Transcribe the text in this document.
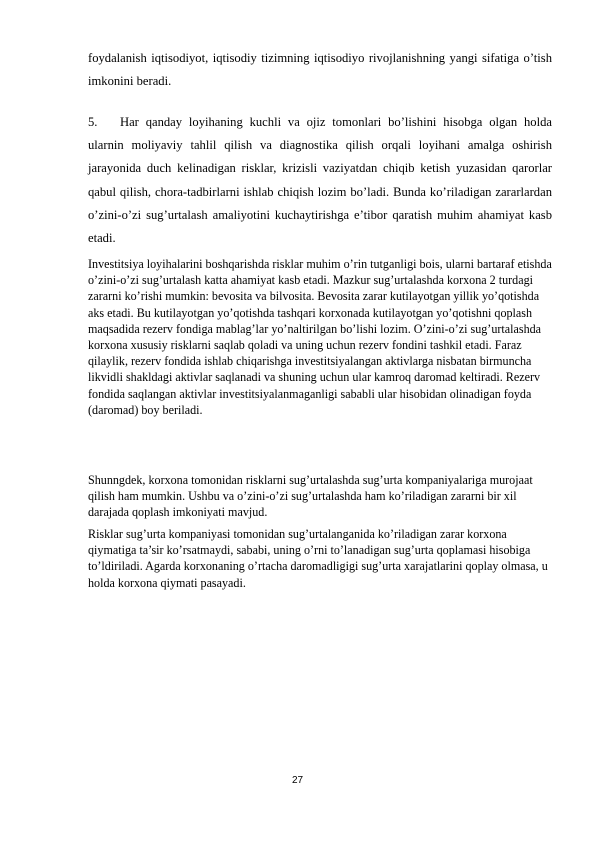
foydalanish iqtisodiyot, iqtisodiy tizimning iqtisodiyo rivojlanishning yangi sifatiga o’tish imkonini beradi.

5. Har qanday loyihaning kuchli va ojiz tomonlari bo’lishini hisobga olgan holda ularnin moliyaviy tahlil qilish va diagnostika qilish orqali loyihani amalga oshirish jarayonida duch kelinadigan risklar, krizisli vaziyatdan chiqib ketish yuzasidan qarorlar qabul qilish, chora-tadbirlarni ishlab chiqish lozim bo’ladi. Bunda ko’riladigan zararlardan o’zini-o’zi sug’urtalash amaliyotini kuchaytirishga e’tibor qaratish muhim ahamiyat kasb etadi.

Investitsiya loyihalarini boshqarishda risklar muhim o’rin tutganligi bois, ularni bartaraf etishda o’zini-o’zi sug’urtalash katta ahamiyat kasb etadi. Mazkur sug’urtalashda korxona 2 turdagi zararni ko’rishi mumkin: bevosita va bilvosita. Bevosita zarar kutilayotgan yillik yo’qotishda aks etadi. Bu kutilayotgan yo’qotishda tashqari korxonada kutilayotgan yo’qotishni qoplash maqsadida rezerv fondiga mablag’lar yo’naltirilgan bo’lishi lozim. O’zini-o’zi sug’urtalashda korxona xususiy risklarni saqlab qoladi va uning uchun rezerv fondini tashkil etadi. Faraz qilaylik, rezerv fondida ishlab chiqarishga investitsiyalangan aktivlarga nisbatan birmuncha likvidli shakldagi aktivlar saqlanadi va shuning uchun ular kamroq daromad keltiradi. Rezerv fondida saqlangan aktivlar investitsiyalanmaganligi sababli ular hisobidan olinadigan foyda (daromad) boy beriladi.

Shunngdek, korxona tomonidan risklarni sug’urtalashda sug’urta kompaniyalariga murojaat qilish ham mumkin. Ushbu va o’zini-o’zi sug’urtalashda ham ko’riladigan zararni bir xil darajada qoplash imkoniyati mavjud.

Risklar sug’urta kompaniyasi tomonidan sug’urtalanganida ko’riladigan zarar korxona qiymatiga ta’sir ko’rsatmaydi, sababi, uning o’rni to’lanadigan sug’urta qoplamasi hisobiga to’ldiriladi. Agarda korxonaning o’rtacha daromadligigi sug’urta xarajatlarini qoplay olmasa, u holda korxona qiymati pasayadi.

27
